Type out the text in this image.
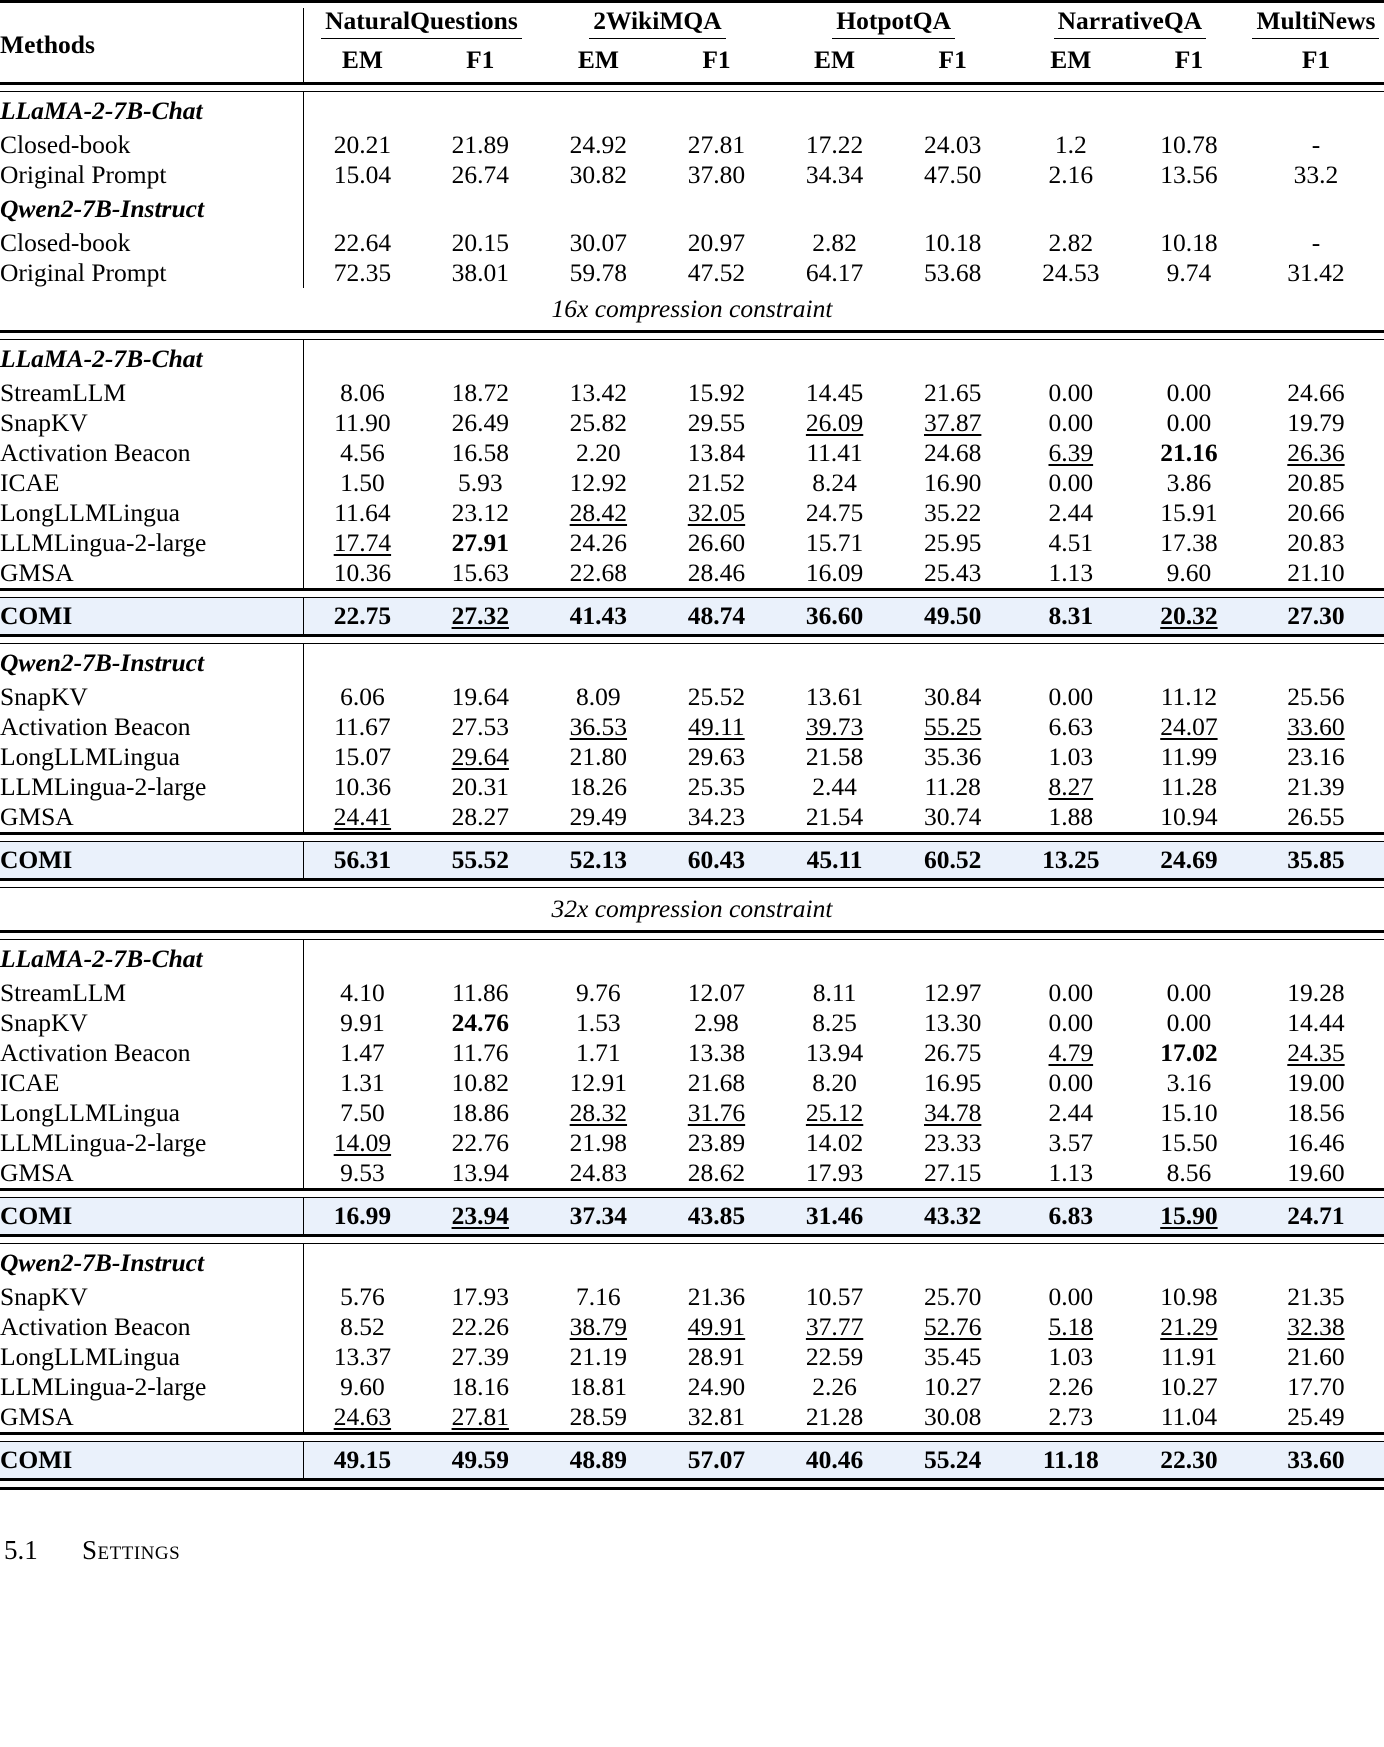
Methods	NaturalQuestions		2WikiMQA		HotpotQA		NarrativeQA		MultiNews
	EM	F1	EM	F1	EM	F1	EM	F1	F1

LLaMA-2-7B-Chat									
Closed-book	20.21	21.89	24.92	27.81	17.22	24.03	1.2	10.78	-
Original Prompt	15.04	26.74	30.82	37.80	34.34	47.50	2.16	13.56	33.2
Qwen2-7B-Instruct									
Closed-book	22.64	20.15	30.07	20.97	2.82	10.18	2.82	10.18	-
Original Prompt	72.35	38.01	59.78	47.52	64.17	53.68	24.53	9.74	31.42
16x compression constraint									

LLaMA-2-7B-Chat									
StreamLLM	8.06	18.72	13.42	15.92	14.45	21.65	0.00	0.00	24.66
SnapKV	11.90	26.49	25.82	29.55	26.09	37.87	0.00	0.00	19.79
Activation Beacon	4.56	16.58	2.20	13.84	11.41	24.68	6.39	21.16	26.36
ICAE	1.50	5.93	12.92	21.52	8.24	16.90	0.00	3.86	20.85
LongLLMLingua	11.64	23.12	28.42	32.05	24.75	35.22	2.44	15.91	20.66
LLMLingua-2-large	17.74	27.91	24.26	26.60	15.71	25.95	4.51	17.38	20.83
GMSA	10.36	15.63	22.68	28.46	16.09	25.43	1.13	9.60	21.10

COMI	22.75	27.32	41.43	48.74	36.60	49.50	8.31	20.32	27.30

Qwen2-7B-Instruct									
SnapKV	6.06	19.64	8.09	25.52	13.61	30.84	0.00	11.12	25.56
Activation Beacon	11.67	27.53	36.53	49.11	39.73	55.25	6.63	24.07	33.60
LongLLMLingua	15.07	29.64	21.80	29.63	21.58	35.36	1.03	11.99	23.16
LLMLingua-2-large	10.36	20.31	18.26	25.35	2.44	11.28	8.27	11.28	21.39
GMSA	24.41	28.27	29.49	34.23	21.54	30.74	1.88	10.94	26.55

COMI	56.31	55.52	52.13	60.43	45.11	60.52	13.25	24.69	35.85

32x compression constraint									

LLaMA-2-7B-Chat									
StreamLLM	4.10	11.86	9.76	12.07	8.11	12.97	0.00	0.00	19.28
SnapKV	9.91	24.76	1.53	2.98	8.25	13.30	0.00	0.00	14.44
Activation Beacon	1.47	11.76	1.71	13.38	13.94	26.75	4.79	17.02	24.35
ICAE	1.31	10.82	12.91	21.68	8.20	16.95	0.00	3.16	19.00
LongLLMLingua	7.50	18.86	28.32	31.76	25.12	34.78	2.44	15.10	18.56
LLMLingua-2-large	14.09	22.76	21.98	23.89	14.02	23.33	3.57	15.50	16.46
GMSA	9.53	13.94	24.83	28.62	17.93	27.15	1.13	8.56	19.60

COMI	16.99	23.94	37.34	43.85	31.46	43.32	6.83	15.90	24.71

Qwen2-7B-Instruct									
SnapKV	5.76	17.93	7.16	21.36	10.57	25.70	0.00	10.98	21.35
Activation Beacon	8.52	22.26	38.79	49.91	37.77	52.76	5.18	21.29	32.38
LongLLMLingua	13.37	27.39	21.19	28.91	22.59	35.45	1.03	11.91	21.60
LLMLingua-2-large	9.60	18.16	18.81	24.90	2.26	10.27	2.26	10.27	17.70
GMSA	24.63	27.81	28.59	32.81	21.28	30.08	2.73	11.04	25.49

COMI	49.15	49.59	48.89	57.07	40.46	55.24	11.18	22.30	33.60

5.1 Settings
